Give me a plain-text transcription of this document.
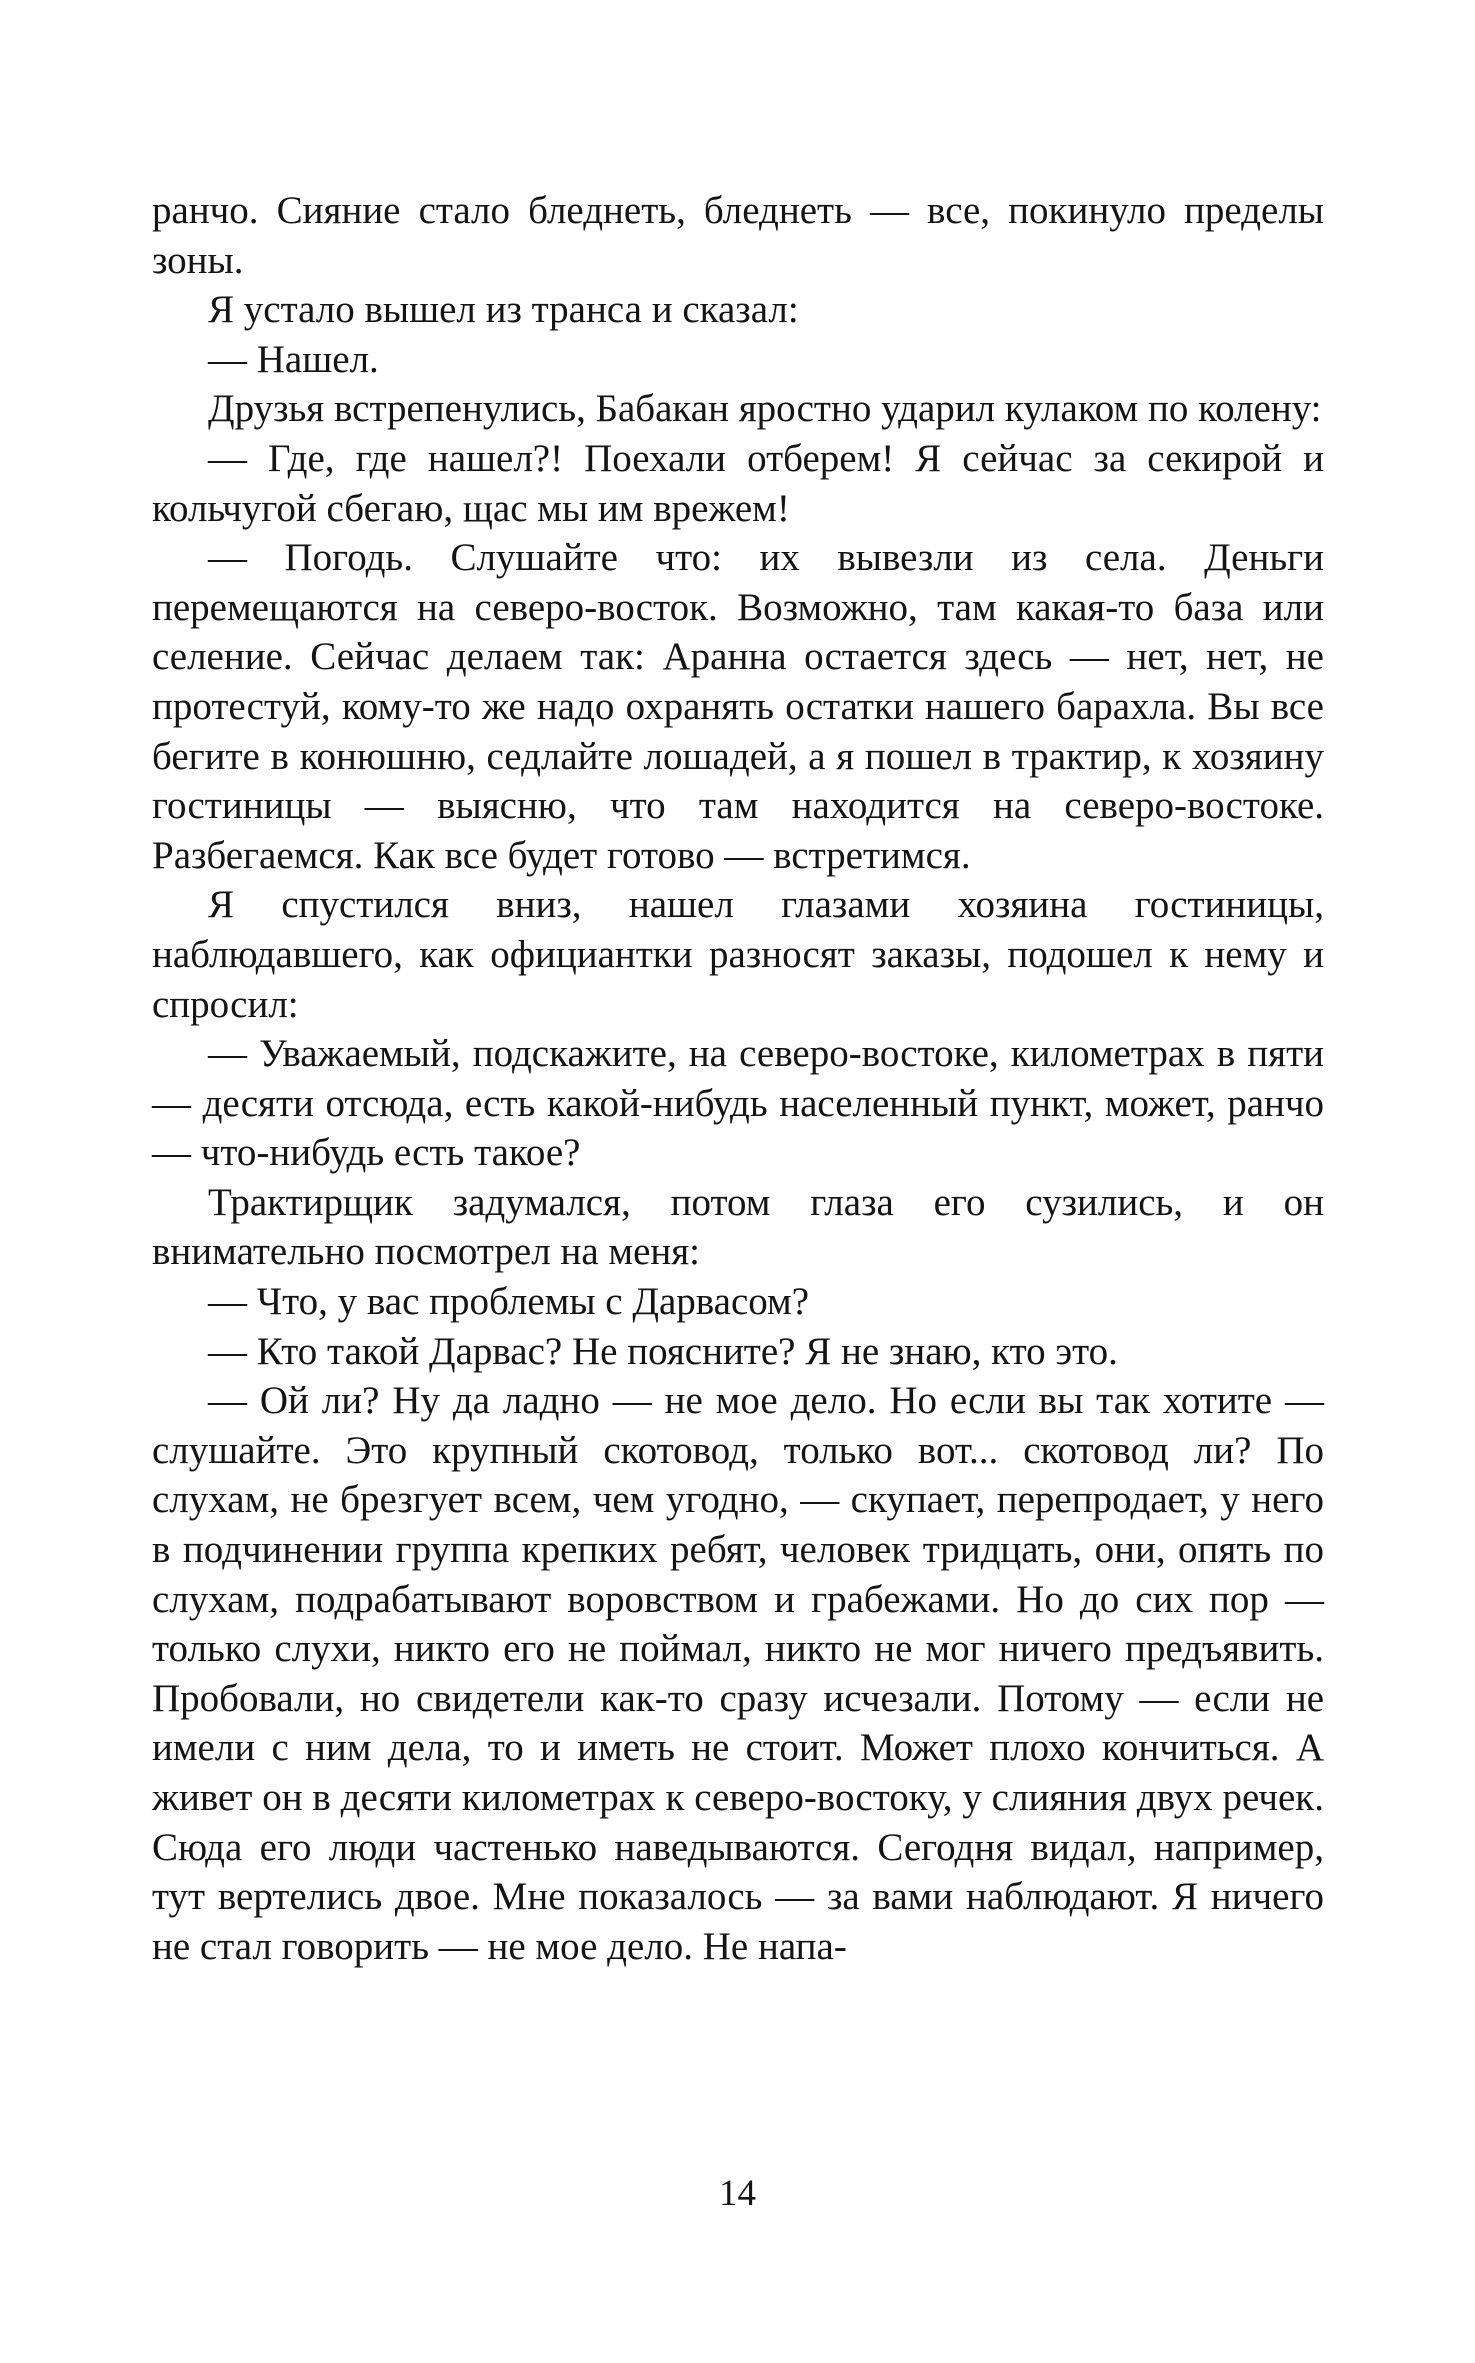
ранчо. Сияние стало бледнеть, бледнеть — все, покинуло пределы зоны.

Я устало вышел из транса и сказал:

— Нашел.

Друзья встрепенулись, Бабакан яростно ударил кулаком по колену:

— Где, где нашел?! Поехали отберем! Я сейчас за секирой и кольчугой сбегаю, щас мы им врежем!

— Погодь. Слушайте что: их вывезли из села. Деньги перемещаются на северо-восток. Возможно, там какая-то база или селение. Сейчас делаем так: Аранна остается здесь — нет, нет, не протестуй, кому-то же надо охранять остатки нашего барахла. Вы все бегите в конюшню, седлайте лошадей, а я пошел в трактир, к хозяину гостиницы — выясню, что там находится на северо-востоке. Разбегаемся. Как все будет готово — встретимся.

Я спустился вниз, нашел глазами хозяина гостиницы, наблюдавшего, как официантки разносят заказы, подошел к нему и спросил:

— Уважаемый, подскажите, на северо-востоке, километрах в пяти — десяти отсюда, есть какой-нибудь населенный пункт, может, ранчо — что-нибудь есть такое?

Трактирщик задумался, потом глаза его сузились, и он внимательно посмотрел на меня:

— Что, у вас проблемы с Дарвасом?

— Кто такой Дарвас? Не поясните? Я не знаю, кто это.

— Ой ли? Ну да ладно — не мое дело. Но если вы так хотите — слушайте. Это крупный скотовод, только вот... скотовод ли? По слухам, не брезгует всем, чем угодно, — скупает, перепродает, у него в подчинении группа крепких ребят, человек тридцать, они, опять по слухам, подрабатывают воровством и грабежами. Но до сих пор — только слухи, никто его не поймал, никто не мог ничего предъявить. Пробовали, но свидетели как-то сразу исчезали. Потому — если не имели с ним дела, то и иметь не стоит. Может плохо кончиться. А живет он в десяти километрах к северо-востоку, у слияния двух речек. Сюда его люди частенько наведываются. Сегодня видал, например, тут вертелись двое. Мне показалось — за вами наблюдают. Я ничего не стал говорить — не мое дело. Не напа-

14
